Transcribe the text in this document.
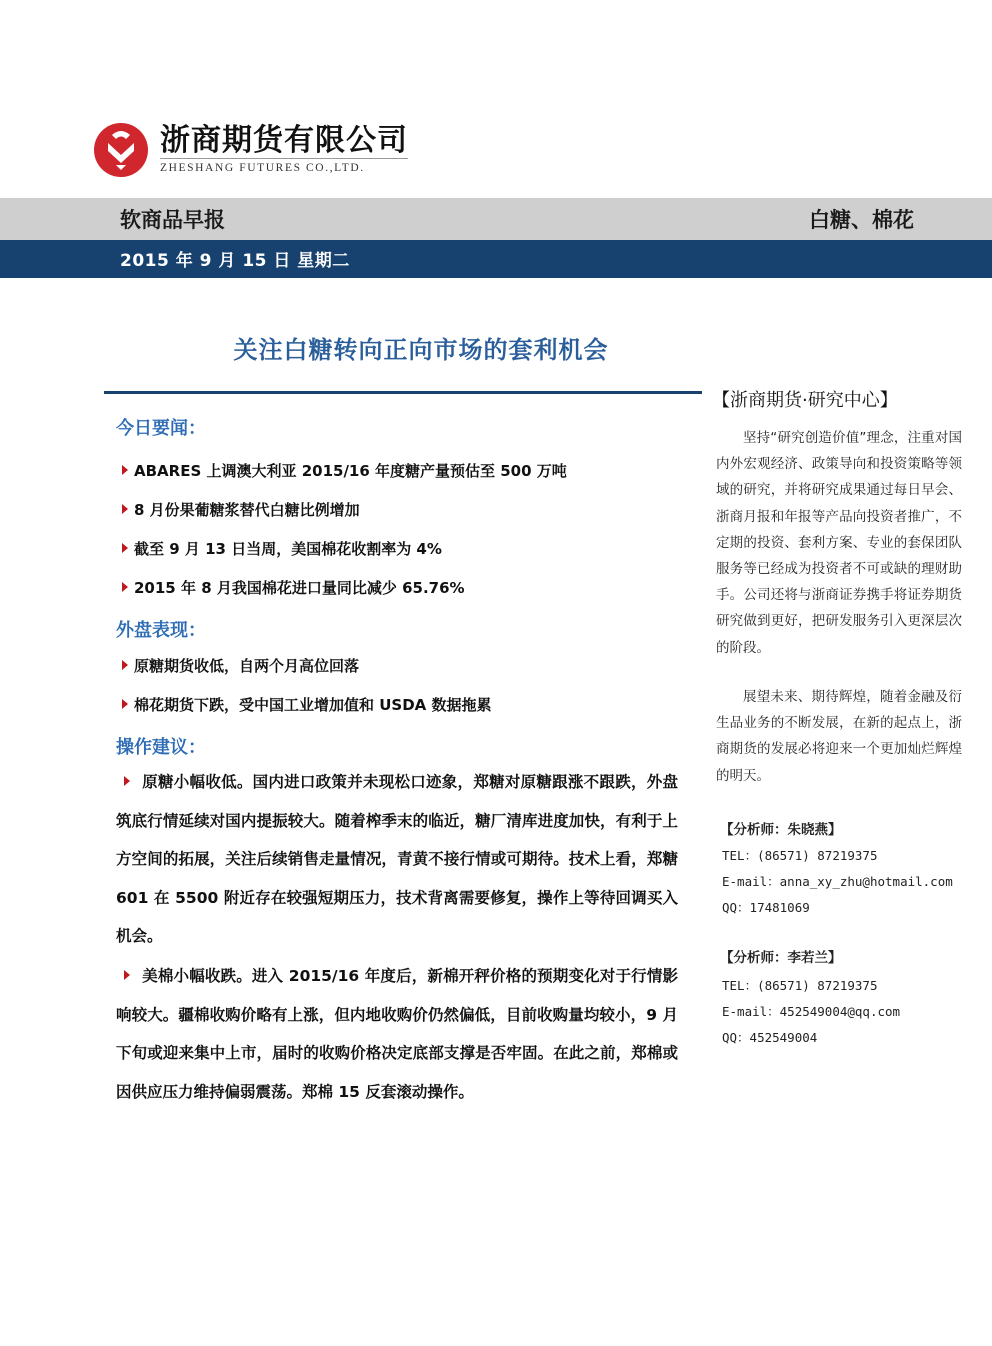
浙商期货有限公司
ZHESHANG FUTURES CO.,LTD.
软商品早报	白糖、棉花
2015 年 9 月 15 日 星期二
关注白糖转向正向市场的套利机会
今日要闻：
ABARES 上调澳大利亚 2015/16 年度糖产量预估至 500 万吨
8 月份果葡糖浆替代白糖比例增加
截至 9 月 13 日当周，美国棉花收割率为 4%
2015 年 8 月我国棉花进口量同比减少 65.76%
外盘表现：
原糖期货收低，自两个月高位回落
棉花期货下跌，受中国工业增加值和 USDA 数据拖累
操作建议：
原糖小幅收低。国内进口政策并未现松口迹象，郑糖对原糖跟涨不跟跌，外盘筑底行情延续对国内提振较大。随着榨季末的临近，糖厂清库进度加快，有利于上方空间的拓展，关注后续销售走量情况，青黄不接行情或可期待。技术上看，郑糖 601 在 5500 附近存在较强短期压力，技术背离需要修复，操作上等待回调买入机会。
美棉小幅收跌。进入 2015/16 年度后，新棉开秤价格的预期变化对于行情影响较大。疆棉收购价略有上涨，但内地收购价仍然偏低，目前收购量均较小，9 月下旬或迎来集中上市，届时的收购价格决定底部支撑是否牢固。在此之前，郑棉或因供应压力维持偏弱震荡。郑棉 15 反套滚动操作。
【浙商期货·研究中心】
坚持“研究创造价值”理念，注重对国内外宏观经济、政策导向和投资策略等领域的研究，并将研究成果通过每日早会、浙商月报和年报等产品向投资者推广，不定期的投资、套利方案、专业的套保团队服务等已经成为投资者不可或缺的理财助手。公司还将与浙商证券携手将证券期货研究做到更好，把研发服务引入更深层次的阶段。
展望未来、期待辉煌，随着金融及衍生品业务的不断发展，在新的起点上，浙商期货的发展必将迎来一个更加灿烂辉煌的明天。
【分析师：朱晓燕】
TEL：(86571) 87219375
E-mail：anna_xy_zhu@hotmail.com
QQ：17481069
【分析师：李若兰】
TEL：(86571) 87219375
E-mail：452549004@qq.com
QQ：452549004
